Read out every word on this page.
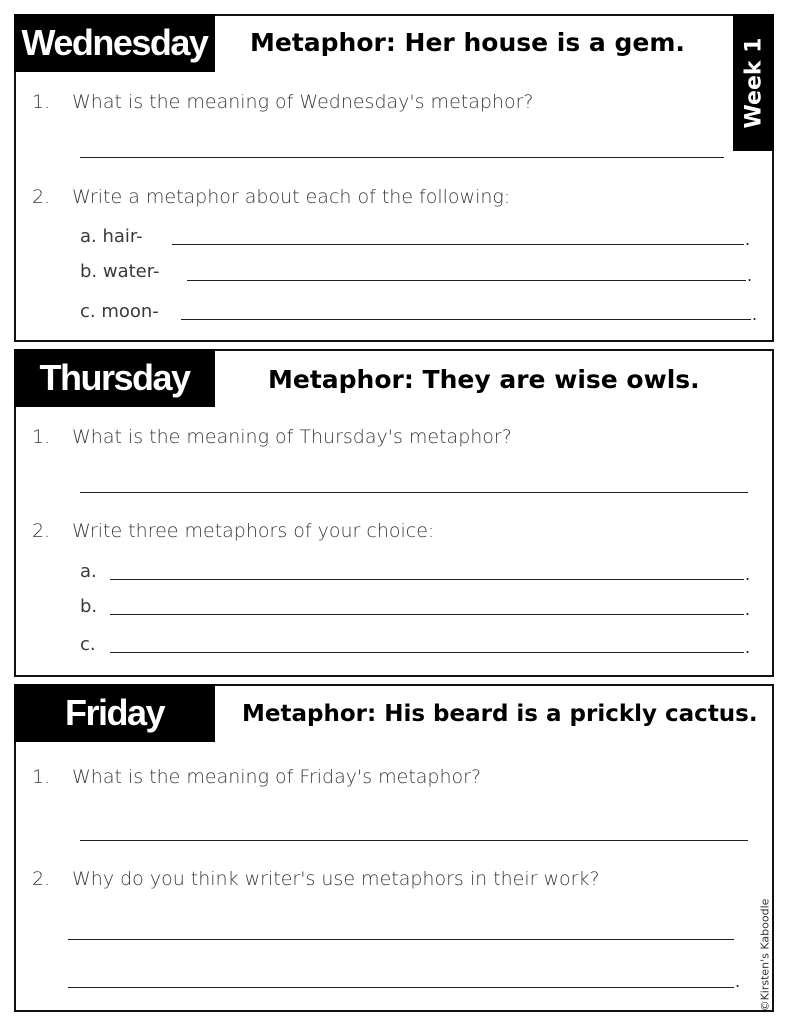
Wednesday	Metaphor: Her house is a gem.	Week 1
1. What is the meaning of Wednesday's metaphor?
2. Write a metaphor about each of the following:
a. hair-	.
b. water-	.
c. moon-	.
Thursday	Metaphor: They are wise owls.
1. What is the meaning of Thursday's metaphor?
2. Write three metaphors of your choice:
a.	.
b.	.
c.	.
Friday	Metaphor: His beard is a prickly cactus.
1. What is the meaning of Friday's metaphor?
2. Why do you think writer's use metaphors in their work?
. ©Kirsten's Kaboodle
